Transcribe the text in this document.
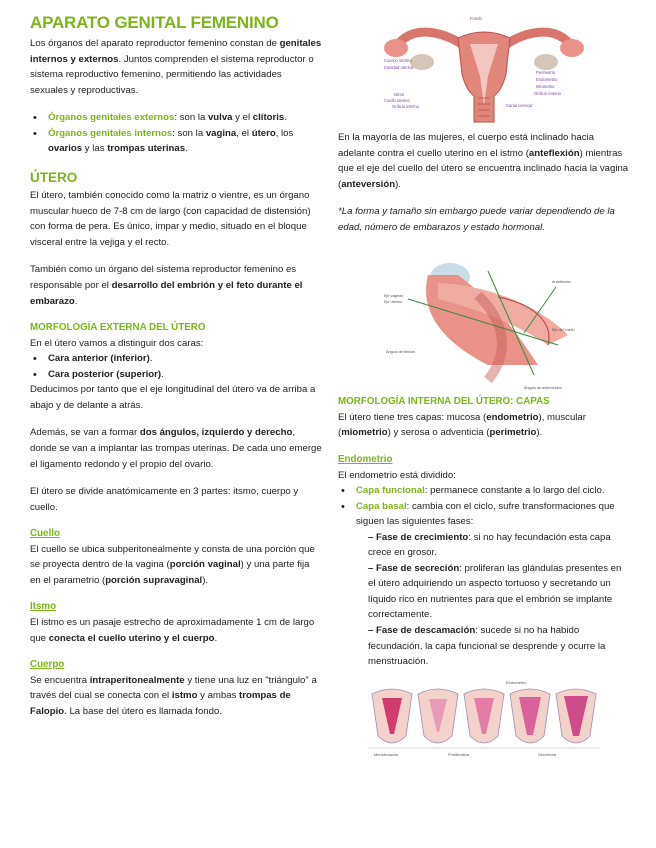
APARATO GENITAL FEMENINO

Los órganos del aparato reproductor femenino constan de genitales internos y externos. Juntos comprenden el sistema reproductor o sistema reproductivo femenino, permitiendo las actividades sexuales y reproductivas.

• Órganos genitales externos: son la vulva y el clítoris.
• Órganos genitales internos: son la vagina, el útero, los ovarios y las trompas uterinas.
ÚTERO

El útero, también conocido como la matriz o vientre, es un órgano muscular hueco de 7-8 cm de largo (con capacidad de distensión) con forma de pera. Es único, impar y medio, situado en el bloque visceral entre la vejiga y el recto.

También como un órgano del sistema reproductor femenino es responsable por el desarrollo del embrión y el feto durante el embarazo.

MORFOLOGÍA EXTERNA DEL ÚTERO

En el útero vamos a distinguir dos caras:

• Cara anterior (inferior).
• Cara posterior (superior).

Deducimos por tanto que el eje longitudinal del útero va de arriba a abajo y de delante a atrás.

Además, se van a formar dos ángulos, izquierdo y derecho, donde se van a implantar las trompas uterinas. De cada uno emerge el ligamento redondo y el propio del ovario.

El útero se divide anatómicamente en 3 partes: itsmo, cuerpo y cuello.

Cuello

El cuello se ubica subperitonealmente y consta de una porción que se proyecta dentro de la vagina (porción vaginal) y una parte fija en el parametrio (porción supravaginal).

Itsmo

El istmo es un pasaje estrecho de aproximadamente 1 cm de largo que conecta el cuello uterino y el cuerpo.

Cuerpo

Se encuentra intraperitonealmente y tiene una luz en "triángulo" a través del cual se conecta con el istmo y ambas trompas de Falopio. La base del útero es llamada fondo.

Fondo
Cuerpo uterino
Cavidad uterina
Istmo
Cuello uterino
Orificio interno
Perimetrio
Endometrio
Miometrio
Orificio interno
Canal cervical

En la mayoría de las mujeres, el cuerpo está inclinado hacia adelante contra el cuello uterino en el istmo (anteflexión) mientras que el eje del cuello del útero se encuentra inclinado hacia la vagina (anteversión).

*La forma y tamaño sin embargo puede variar dependiendo de la edad, número de embarazos y estado hormonal.

Eje vaginal
Eje uterino
Ángulo de flexión
Anteflexión
Eje del cuello
Ángulo de anteversión
MORFOLOGÍA INTERNA DEL ÚTERO: CAPAS

El útero tiene tres capas: mucosa (endometrio), muscular (miometrio) y serosa o adventicia (perimetrio).

Endometrio

El endometrio está dividido:

• Capa funcional: permanece constante a lo largo del ciclo.
• Capa basal: cambia con el ciclo, sufre transformaciones que siguen las siguientes fases:

– Fase de crecimiento: si no hay fecundación esta capa crece en grosor.

– Fase de secreción: proliferan las glándulas presentes en el útero adquiriendo un aspecto tortuoso y secretando un líquido rico en nutrientes para que el embrión se implante correctamente.

– Fase de descamación: sucede si no ha habido fecundación, la capa funcional se desprende y ocurre la menstruación.

Endometrio
Menstruación	Proliferativa	Secretoria
